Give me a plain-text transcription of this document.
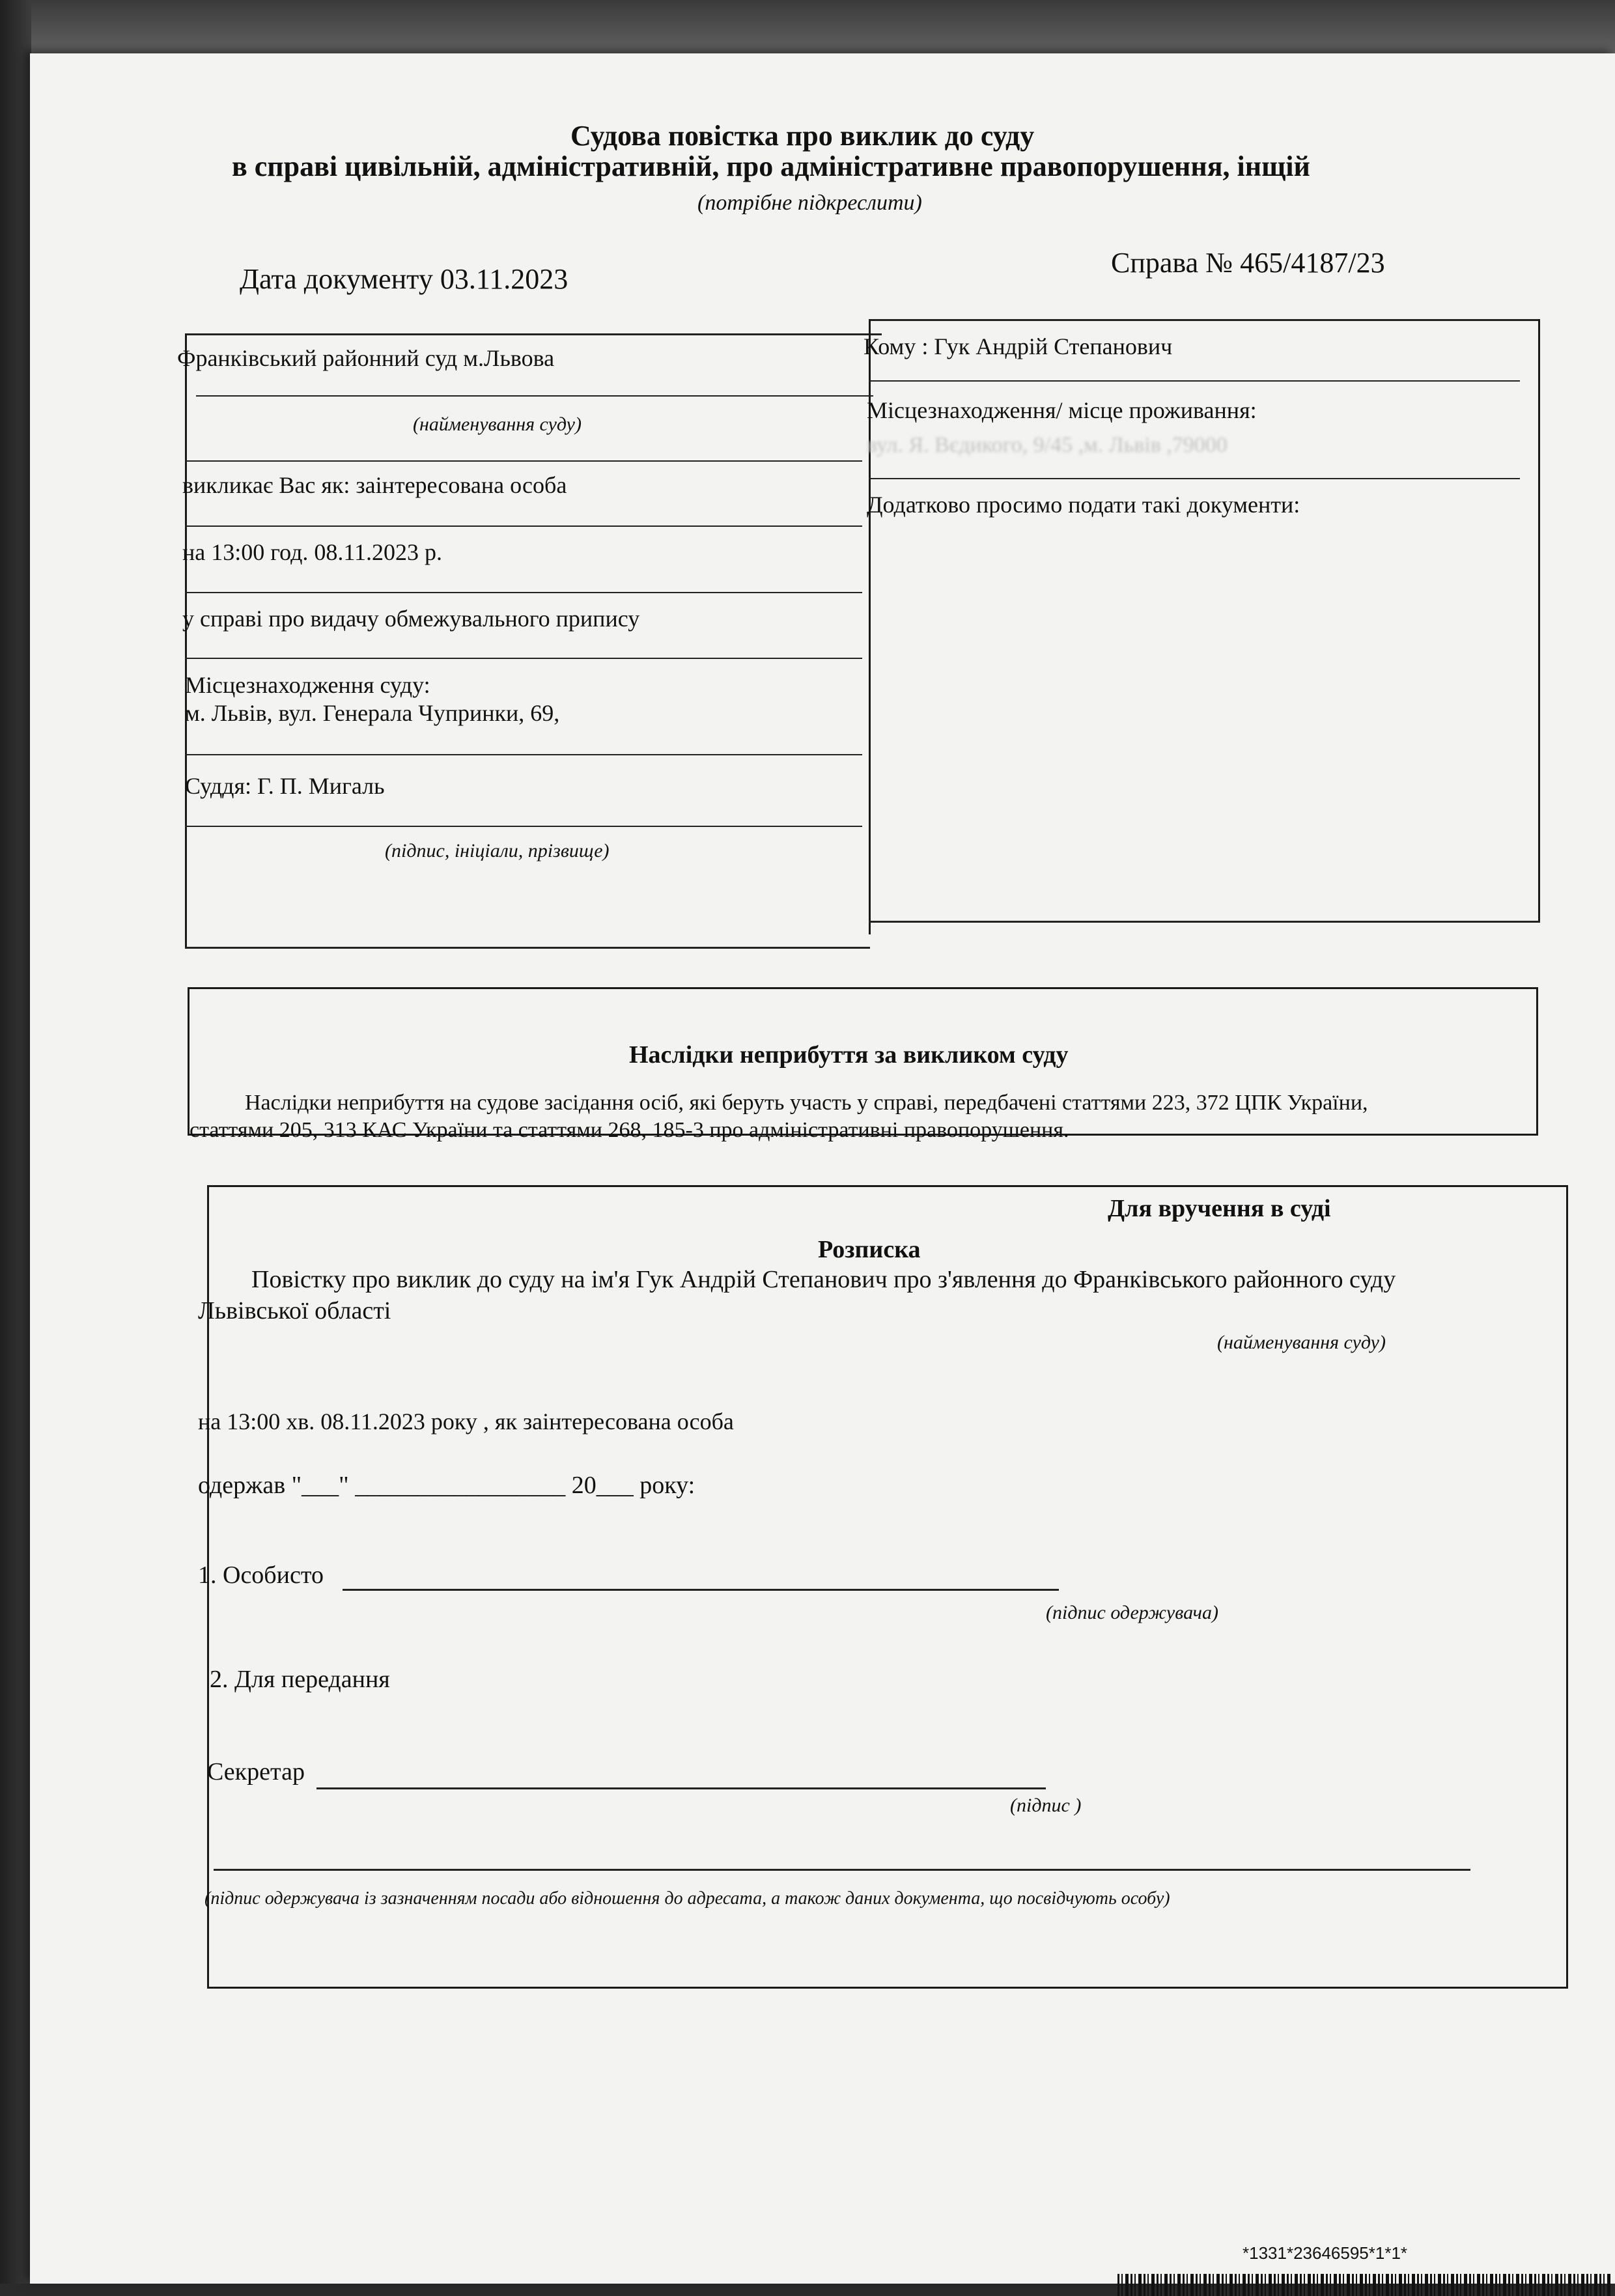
Судова повістка про виклик до суду
в справі цивільній, адміністративній, про адміністративне правопорушення, інщій
(потрібне підкреслити)
Дата документу 03.11.2023
Справа № 465/4187/23
Франківський районний суд м.Львова
(найменування суду)
викликає Вас як: заінтересована особа
на 13:00 год. 08.11.2023 р.
у справі про видачу обмежувального припису
Місцезнаходження суду:
м. Львів, вул. Генерала Чупринки, 69,
Суддя: Г. П. Мигаль
(підпис, ініціали, прізвище)
Кому : Гук Андрій Степанович
Місцезнаходження/ місце проживання:
вул. Я. Вєдикого, 9/45 ,м. Львів ,79000
Додатково просимо подати такі документи:
Наслідки неприбуття за викликом суду
Наслідки неприбуття на судове засідання осіб, які беруть участь у справі, передбачені статтями 223, 372 ЦПК України,
статтями 205, 313 КАС України та статтями 268, 185-3 про адміністративні правопорушення.
Для вручення в суді
Розписка
Повістку про виклик до суду на ім'я Гук Андрій Степанович про з'явлення до Франківського районного суду
Львівської області
(найменування суду)
на 13:00 хв. 08.11.2023 року , як заінтересована особа
одержав "___" _________________ 20___ року:
1. Особисто
(підпис одержувача)
2. Для передання
Секретар
(підпис )
(підпис одержувача із зазначенням посади або відношення до адресата, а також даних документа, що посвідчують особу)
*1331*23646595*1*1*
